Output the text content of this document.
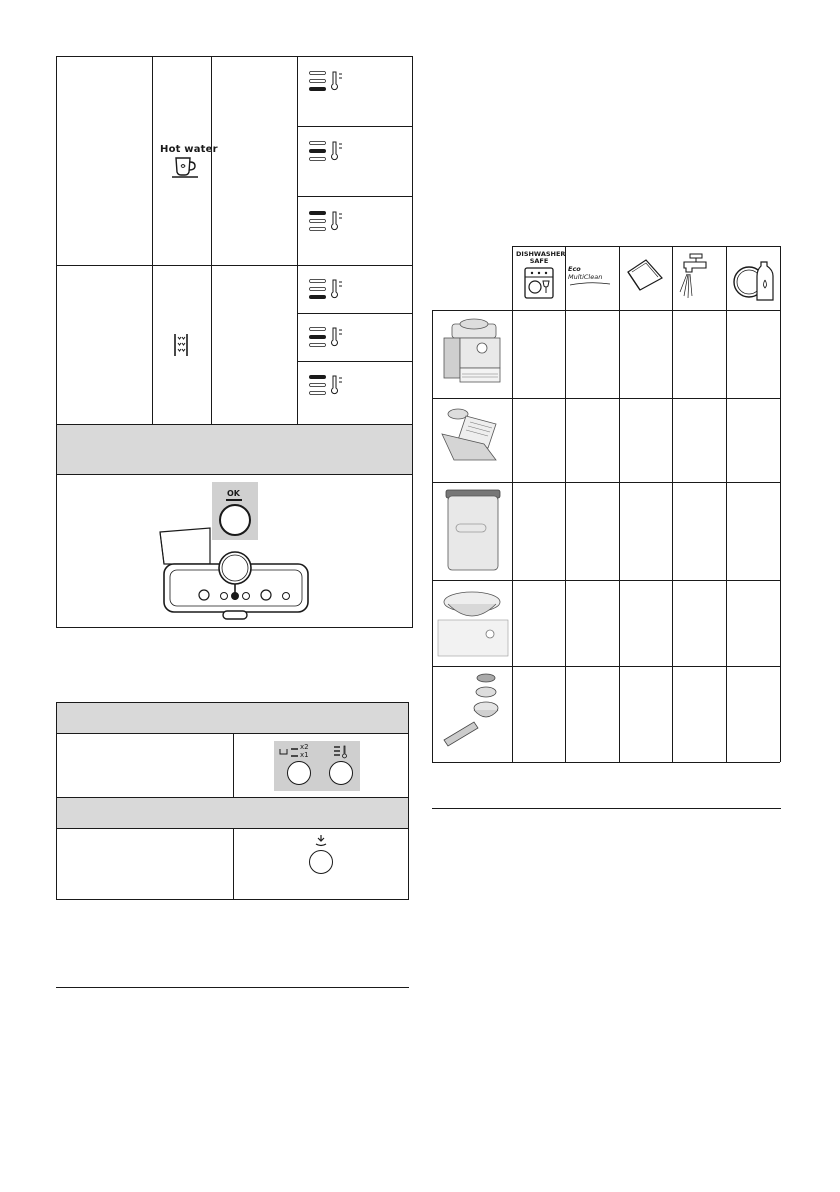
Hot water
OK
x2
x1
DISHWASHER
SAFE
Eco
MultiClean
